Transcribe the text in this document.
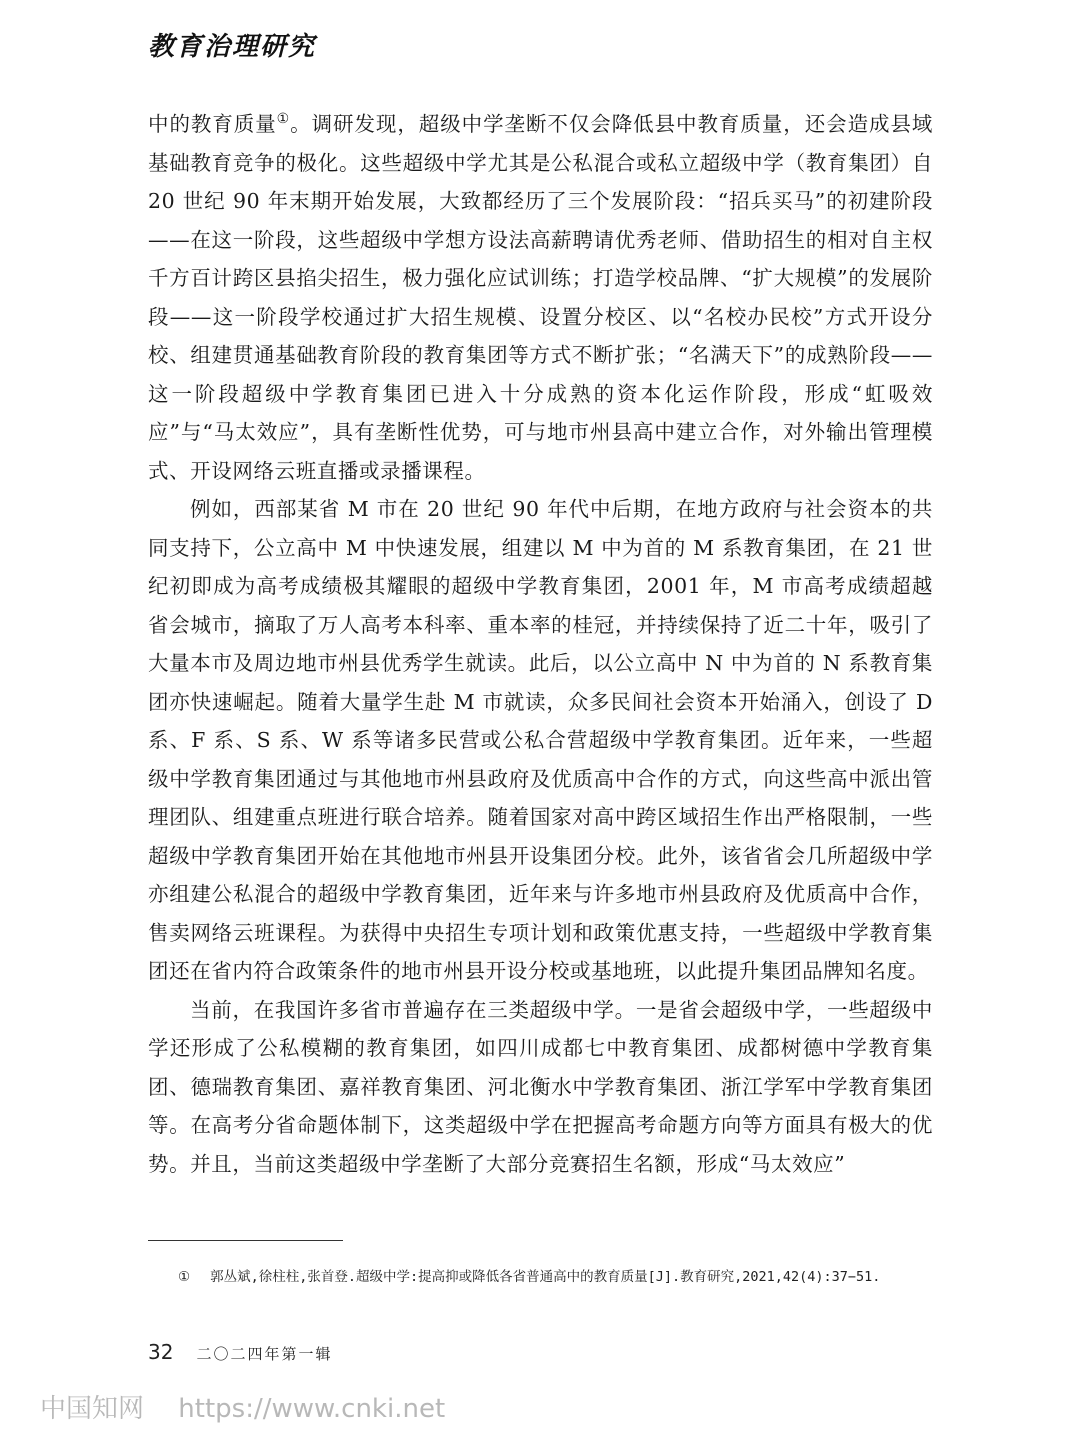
教育治理研究

中的教育质量①。调研发现，超级中学垄断不仅会降低县中教育质量，还会造成县域基础教育竞争的极化。这些超级中学尤其是公私混合或私立超级中学（教育集团）自 20 世纪 90 年末期开始发展，大致都经历了三个发展阶段：“招兵买马”的初建阶段——在这一阶段，这些超级中学想方设法高薪聘请优秀老师、借助招生的相对自主权千方百计跨区县掐尖招生，极力强化应试训练；打造学校品牌、“扩大规模”的发展阶段——这一阶段学校通过扩大招生规模、设置分校区、以“名校办民校”方式开设分校、组建贯通基础教育阶段的教育集团等方式不断扩张；“名满天下”的成熟阶段——这一阶段超级中学教育集团已进入十分成熟的资本化运作阶段，形成“虹吸效应”与“马太效应”，具有垄断性优势，可与地市州县高中建立合作，对外输出管理模式、开设网络云班直播或录播课程。

例如，西部某省 M 市在 20 世纪 90 年代中后期，在地方政府与社会资本的共同支持下，公立高中 M 中快速发展，组建以 M 中为首的 M 系教育集团，在 21 世纪初即成为高考成绩极其耀眼的超级中学教育集团，2001 年，M 市高考成绩超越省会城市，摘取了万人高考本科率、重本率的桂冠，并持续保持了近二十年，吸引了大量本市及周边地市州县优秀学生就读。此后，以公立高中 N 中为首的 N 系教育集团亦快速崛起。随着大量学生赴 M 市就读，众多民间社会资本开始涌入，创设了 D 系、F 系、S 系、W 系等诸多民营或公私合营超级中学教育集团。近年来，一些超级中学教育集团通过与其他地市州县政府及优质高中合作的方式，向这些高中派出管理团队、组建重点班进行联合培养。随着国家对高中跨区域招生作出严格限制，一些超级中学教育集团开始在其他地市州县开设集团分校。此外，该省省会几所超级中学亦组建公私混合的超级中学教育集团，近年来与许多地市州县政府及优质高中合作，售卖网络云班课程。为获得中央招生专项计划和政策优惠支持，一些超级中学教育集团还在省内符合政策条件的地市州县开设分校或基地班，以此提升集团品牌知名度。

当前，在我国许多省市普遍存在三类超级中学。一是省会超级中学，一些超级中学还形成了公私模糊的教育集团，如四川成都七中教育集团、成都树德中学教育集团、德瑞教育集团、嘉祥教育集团、河北衡水中学教育集团、浙江学军中学教育集团等。在高考分省命题体制下，这类超级中学在把握高考命题方向等方面具有极大的优势。并且，当前这类超级中学垄断了大部分竞赛招生名额，形成“马太效应”

① 郭丛斌,徐柱柱,张首登.超级中学:提高抑或降低各省普通高中的教育质量[J].教育研究,2021,42(4):37−51.
32 二〇二四年第一辑
中国知网 https://www.cnki.net
